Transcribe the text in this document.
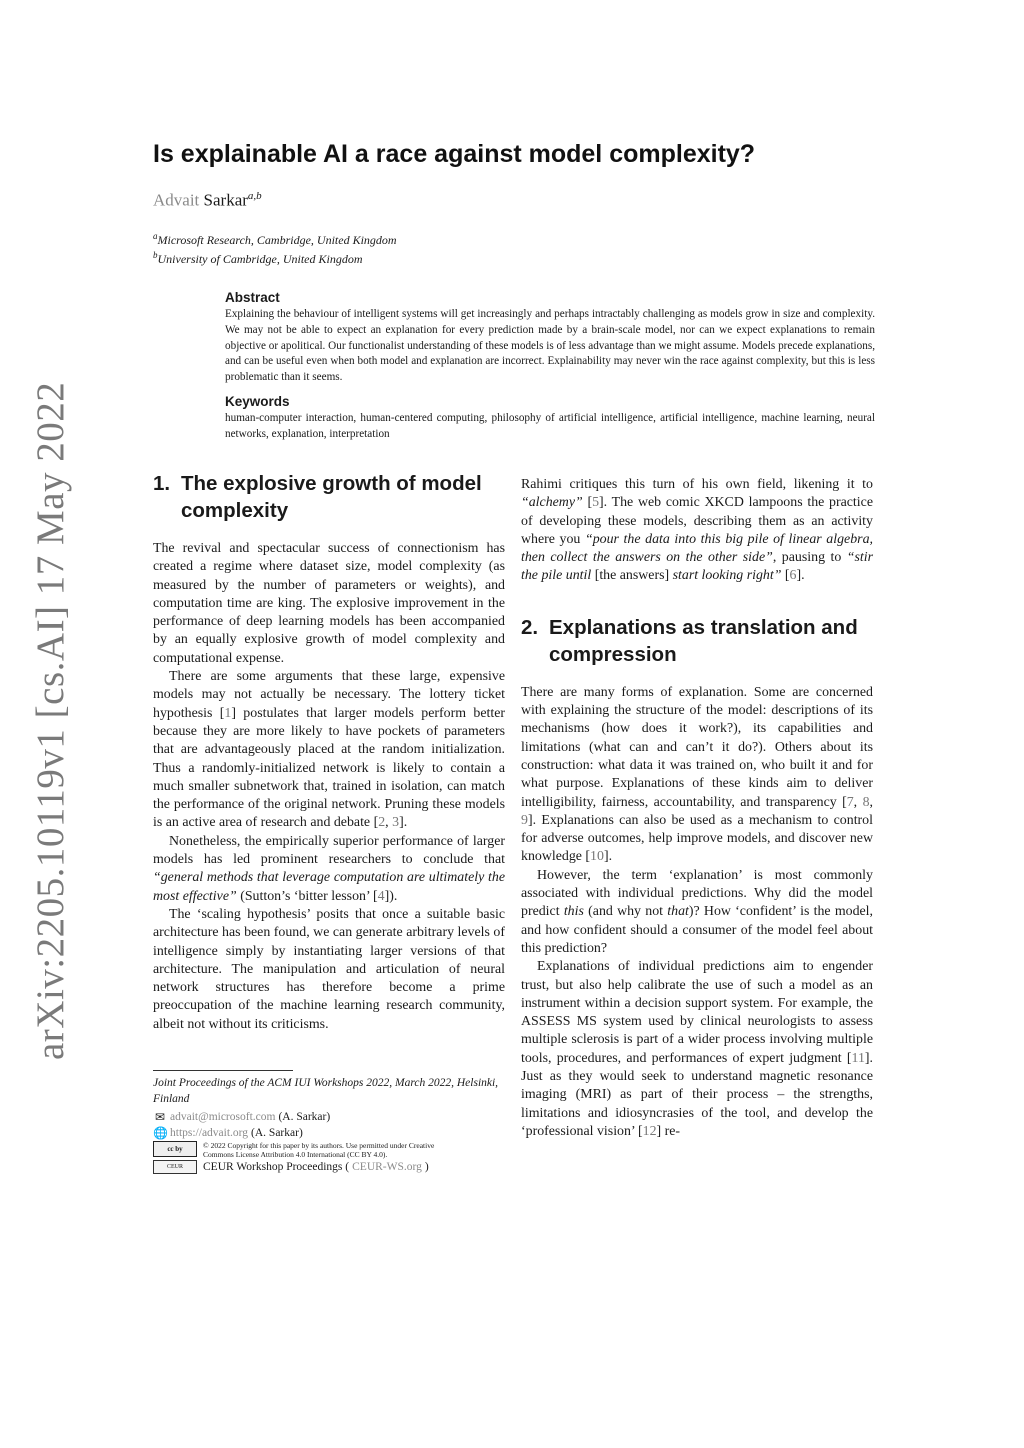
arXiv:2205.10119v1 [cs.AI] 17 May 2022
Is explainable AI a race against model complexity?
Advait Sarkar$^{a,b}$
$^a$Microsoft Research, Cambridge, United Kingdom
$^b$University of Cambridge, United Kingdom
Abstract

Explaining the behaviour of intelligent systems will get increasingly and perhaps intractably challenging as models grow in size and complexity. We may not be able to expect an explanation for every prediction made by a brain-scale model, nor can we expect explanations to remain objective or apolitical. Our functionalist understanding of these models is of less advantage than we might assume. Models precede explanations, and can be useful even when both model and explanation are incorrect. Explainability may never win the race against complexity, but this is less problematic than it seems.

Keywords

human-computer interaction, human-centered computing, philosophy of artificial intelligence, artificial intelligence, machine learning, neural networks, explanation, interpretation

1. The explosive growth of model complexity

The revival and spectacular success of connectionism has created a regime where dataset size, model complexity (as measured by the number of parameters or weights), and computation time are king. The explosive improvement in the performance of deep learning models has been accompanied by an equally explosive growth of model complexity and computational expense.

There are some arguments that these large, expensive models may not actually be necessary. The lottery ticket hypothesis [1] postulates that larger models perform better because they are more likely to have pockets of parameters that are advantageously placed at the random initialization. Thus a randomly-initialized network is likely to contain a much smaller subnetwork that, trained in isolation, can match the performance of the original network. Pruning these models is an active area of research and debate [2, 3].

Nonetheless, the empirically superior performance of larger models has led prominent researchers to conclude that “general methods that leverage computation are ultimately the most effective” (Sutton’s ‘bitter lesson’ [4]).

The ‘scaling hypothesis’ posits that once a suitable basic architecture has been found, we can generate arbitrary levels of intelligence simply by instantiating larger versions of that architecture. The manipulation and articulation of neural network structures has therefore become a prime preoccupation of the machine learning research community, albeit not without its criticisms.

Rahimi critiques this turn of his own field, likening it to “alchemy” [5]. The web comic XKCD lampoons the practice of developing these models, describing them as an activity where you “pour the data into this big pile of linear algebra, then collect the answers on the other side”, pausing to “stir the pile until [the answers] start looking right” [6].

2. Explanations as translation and compression

There are many forms of explanation. Some are concerned with explaining the structure of the model: descriptions of its mechanisms (how does it work?), its capabilities and limitations (what can and can’t it do?). Others about its construction: what data it was trained on, who built it and for what purpose. Explanations of these kinds aim to deliver intelligibility, fairness, accountability, and transparency [7, 8, 9]. Explanations can also be used as a mechanism to control for adverse outcomes, help improve models, and discover new knowledge [10].

However, the term ‘explanation’ is most commonly associated with individual predictions. Why did the model predict this (and why not that)? How ‘confident’ is the model, and how confident should a consumer of the model feel about this prediction?

Explanations of individual predictions aim to engender trust, but also help calibrate the use of such a model as an instrument within a decision support system. For example, the ASSESS MS system used by clinical neurologists to assess multiple sclerosis is part of a wider process involving multiple tools, procedures, and performances of expert judgment [11]. Just as they would seek to understand magnetic resonance imaging (MRI) as part of their process – the strengths, limitations and idiosyncrasies of the tool, and develop the ‘professional vision’ [12] re-

Joint Proceedings of the ACM IUI Workshops 2022, March 2022, Helsinki, Finland
✉ advait@microsoft.com (A. Sarkar)
🌐 https://advait.org (A. Sarkar)
cc by	© 2022 Copyright for this paper by its authors. Use permitted under Creative Commons License Attribution 4.0 International (CC BY 4.0).
CEUR	CEUR Workshop Proceedings ( CEUR-WS.org )
